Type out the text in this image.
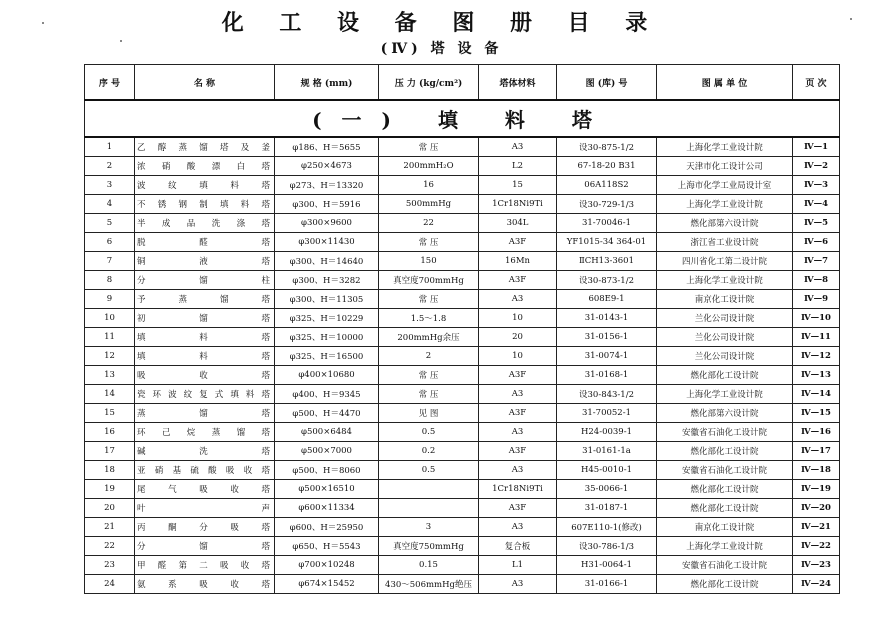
化 工 设 备 图 册 目 录
(Ⅳ) 塔 设 备
序 号	名 称	规 格 (mm)	压 力 (kg/cm²)	塔体材料	图 (库) 号	图 属 单 位	页 次
(一) 填 料 塔							
1	乙醇蒸馏塔及釜	φ186、H＝5655	常 压	A3	设30-875-1/2	上海化学工业设计院	Ⅳ—1
2	浓硝酸漂白塔	φ250×4673	200mmH₂O	L2	67-18-20 B31	天津市化工设计公司	Ⅳ—2
3	波纹填料塔	φ273、H＝13320	16	15	06A118S2	上海市化学工业局设计室	Ⅳ—3
4	不锈钢制填料塔	φ300、H＝5916	500mmHg	1Cr18Ni9Ti	设30-729-1/3	上海化学工业设计院	Ⅳ—4
5	半成品洗涤塔	φ300×9600	22	304L	31-70046-1	燃化部第六设计院	Ⅳ—5
6	脱醛塔	φ300×11430	常 压	A3F	YF1015-34 364-01	浙江省工业设计院	Ⅳ—6
7	铜液塔	φ300、H＝14640	150	16Mn	ⅡCH13-3601	四川省化工第二设计院	Ⅳ—7
8	分馏柱	φ300、H＝3282	真空度700mmHg	A3F	设30-873-1/2	上海化学工业设计院	Ⅳ—8
9	予蒸馏塔	φ300、H＝11305	常 压	A3	608E9-1	南京化工设计院	Ⅳ—9
10	初馏塔	φ325、H＝10229	1.5～1.8	10	31-0143-1	兰化公司设计院	Ⅳ—10
11	填料塔	φ325、H＝10000	200mmHg余压	20	31-0156-1	兰化公司设计院	Ⅳ—11
12	填料塔	φ325、H＝16500	2	10	31-0074-1	兰化公司设计院	Ⅳ—12
13	吸收塔	φ400×10680	常 压	A3F	31-0168-1	燃化部化工设计院	Ⅳ—13
14	瓷环波纹复式填料塔	φ400、H＝9345	常 压	A3	设30-843-1/2	上海化学工业设计院	Ⅳ—14
15	蒸馏塔	φ500、H＝4470	见 图	A3F	31-70052-1	燃化部第六设计院	Ⅳ—15
16	环己烷蒸馏塔	φ500×6484	0.5	A3	H24-0039-1	安徽省石油化工设计院	Ⅳ—16
17	碱洗塔	φ500×7000	0.2	A3F	31-0161-1a	燃化部化工设计院	Ⅳ—17
18	亚硝基硫酸吸收塔	φ500、H＝8060	0.5	A3	H45-0010-1	安徽省石油化工设计院	Ⅳ—18
19	尾气吸收塔	φ500×16510		1Cr18Ni9Ti	35-0066-1	燃化部化工设计院	Ⅳ—19
20	叶声	φ600×11334		A3F	31-0187-1	燃化部化工设计院	Ⅳ—20
21	丙酮分吸塔	φ600、H＝25950	3	A3	607E110-1(修改)	南京化工设计院	Ⅳ—21
22	分馏塔	φ650、H＝5543	真空度750mmHg	复合板	设30-786-1/3	上海化学工业设计院	Ⅳ—22
23	甲醛第二吸收塔	φ700×10248	0.15	L1	H31-0064-1	安徽省石油化工设计院	Ⅳ—23
24	氨系吸收塔	φ674×15452	430～506mmHg绝压	A3	31-0166-1	燃化部化工设计院	Ⅳ—24
